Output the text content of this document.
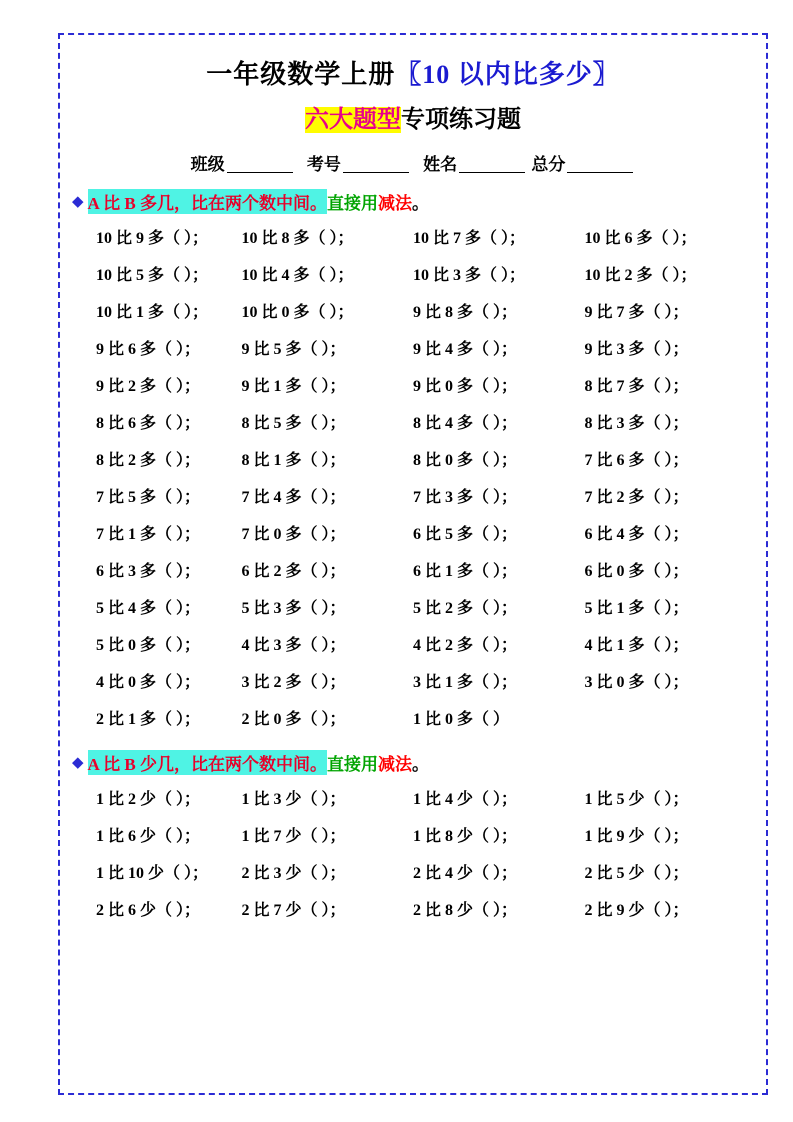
一年级数学上册〖10 以内比多少〗
六大题型专项练习题
班级	考号	姓名	总分
◆ A 比 B 多几，比在两个数中间。 直接用 减法 。
10 比 9 多（ ）；	10 比 8 多（ ）；	10 比 7 多（ ）；	10 比 6 多（ ）；
10 比 5 多（ ）；	10 比 4 多（ ）；	10 比 3 多（ ）；	10 比 2 多（ ）；
10 比 1 多（ ）；	10 比 0 多（ ）；	9 比 8 多（ ）；	9 比 7 多（ ）；
9 比 6 多（ ）；	9 比 5 多（ ）；	9 比 4 多（ ）；	9 比 3 多（ ）；
9 比 2 多（ ）；	9 比 1 多（ ）；	9 比 0 多（ ）；	8 比 7 多（ ）；
8 比 6 多（ ）；	8 比 5 多（ ）；	8 比 4 多（ ）；	8 比 3 多（ ）；
8 比 2 多（ ）；	8 比 1 多（ ）；	8 比 0 多（ ）；	7 比 6 多（ ）；
7 比 5 多（ ）；	7 比 4 多（ ）；	7 比 3 多（ ）；	7 比 2 多（ ）；
7 比 1 多（ ）；	7 比 0 多（ ）；	6 比 5 多（ ）；	6 比 4 多（ ）；
6 比 3 多（ ）；	6 比 2 多（ ）；	6 比 1 多（ ）；	6 比 0 多（ ）；
5 比 4 多（ ）；	5 比 3 多（ ）；	5 比 2 多（ ）；	5 比 1 多（ ）；
5 比 0 多（ ）；	4 比 3 多（ ）；	4 比 2 多（ ）；	4 比 1 多（ ）；
4 比 0 多（ ）；	3 比 2 多（ ）；	3 比 1 多（ ）；	3 比 0 多（ ）；
2 比 1 多（ ）；	2 比 0 多（ ）；	1 比 0 多（ ）	
◆ A 比 B 少几，比在两个数中间。 直接用 减法 。
1 比 2 少（ ）；	1 比 3 少（ ）；	1 比 4 少（ ）；	1 比 5 少（ ）；
1 比 6 少（ ）；	1 比 7 少（ ）；	1 比 8 少（ ）；	1 比 9 少（ ）；
1 比 10 少（ ）；	2 比 3 少（ ）；	2 比 4 少（ ）；	2 比 5 少（ ）；
2 比 6 少（ ）；	2 比 7 少（ ）；	2 比 8 少（ ）；	2 比 9 少（ ）；
